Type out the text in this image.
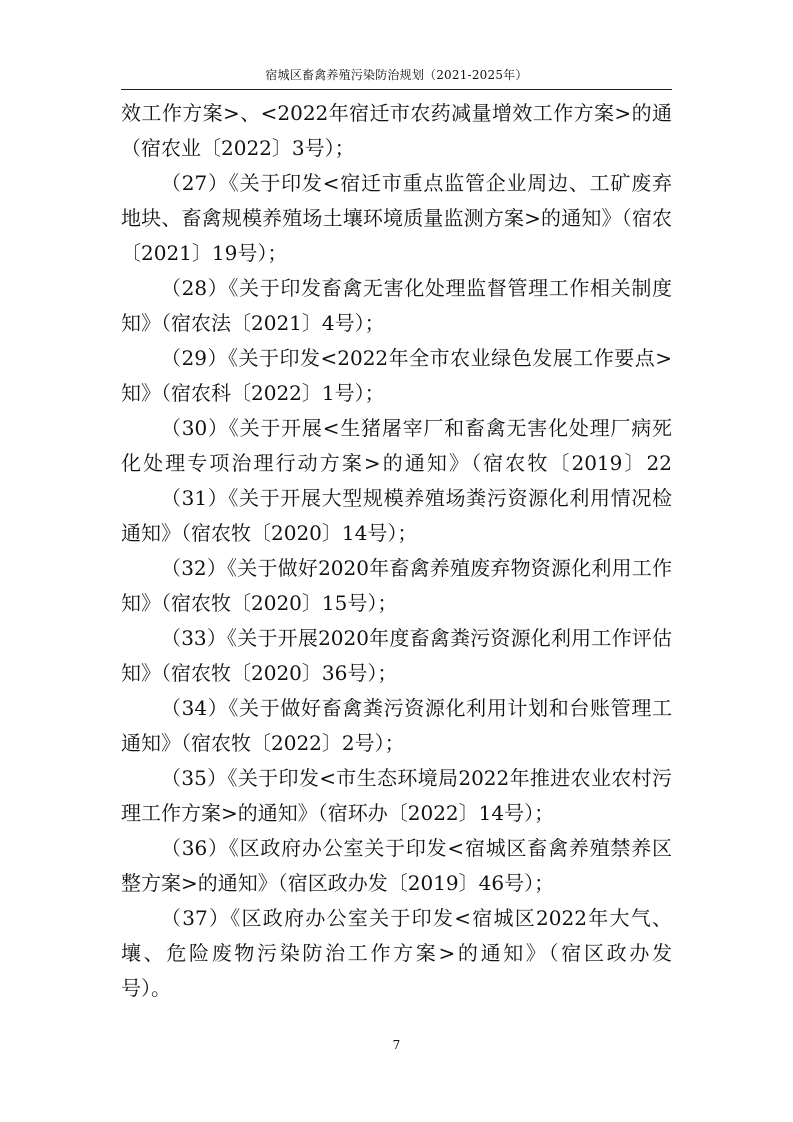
宿城区畜禽养殖污染防治规划（2021-2025年）
效工作方案>、<2022年宿迁市农药减量增效工作方案>的通
（宿农业〔2022〕3号）；
（27）《关于印发<宿迁市重点监管企业周边、工矿废弃
地块、畜禽规模养殖场土壤环境质量监测方案>的通知》（宿农
〔2021〕19号）；
（28）《关于印发畜禽无害化处理监督管理工作相关制度
知》（宿农法〔2021〕4号）；
（29）《关于印发<2022年全市农业绿色发展工作要点>
知》（宿农科〔2022〕1号）；
（30）《关于开展<生猪屠宰厂和畜禽无害化处理厂病死
化处理专项治理行动方案>的通知》（宿农牧〔2019〕22
（31）《关于开展大型规模养殖场粪污资源化利用情况检
通知》（宿农牧〔2020〕14号）；
（32）《关于做好2020年畜禽养殖废弃物资源化利用工作
知》（宿农牧〔2020〕15号）；
（33）《关于开展2020年度畜禽粪污资源化利用工作评估
知》（宿农牧〔2020〕36号）；
（34）《关于做好畜禽粪污资源化利用计划和台账管理工
通知》（宿农牧〔2022〕2号）；
（35）《关于印发<市生态环境局2022年推进农业农村污
理工作方案>的通知》（宿环办〔2022〕14号）；
（36）《区政府办公室关于印发<宿城区畜禽养殖禁养区
整方案>的通知》（宿区政办发〔2019〕46号）；
（37）《区政府办公室关于印发<宿城区2022年大气、
壤、危险废物污染防治工作方案>的通知》（宿区政办发
号）。
7
